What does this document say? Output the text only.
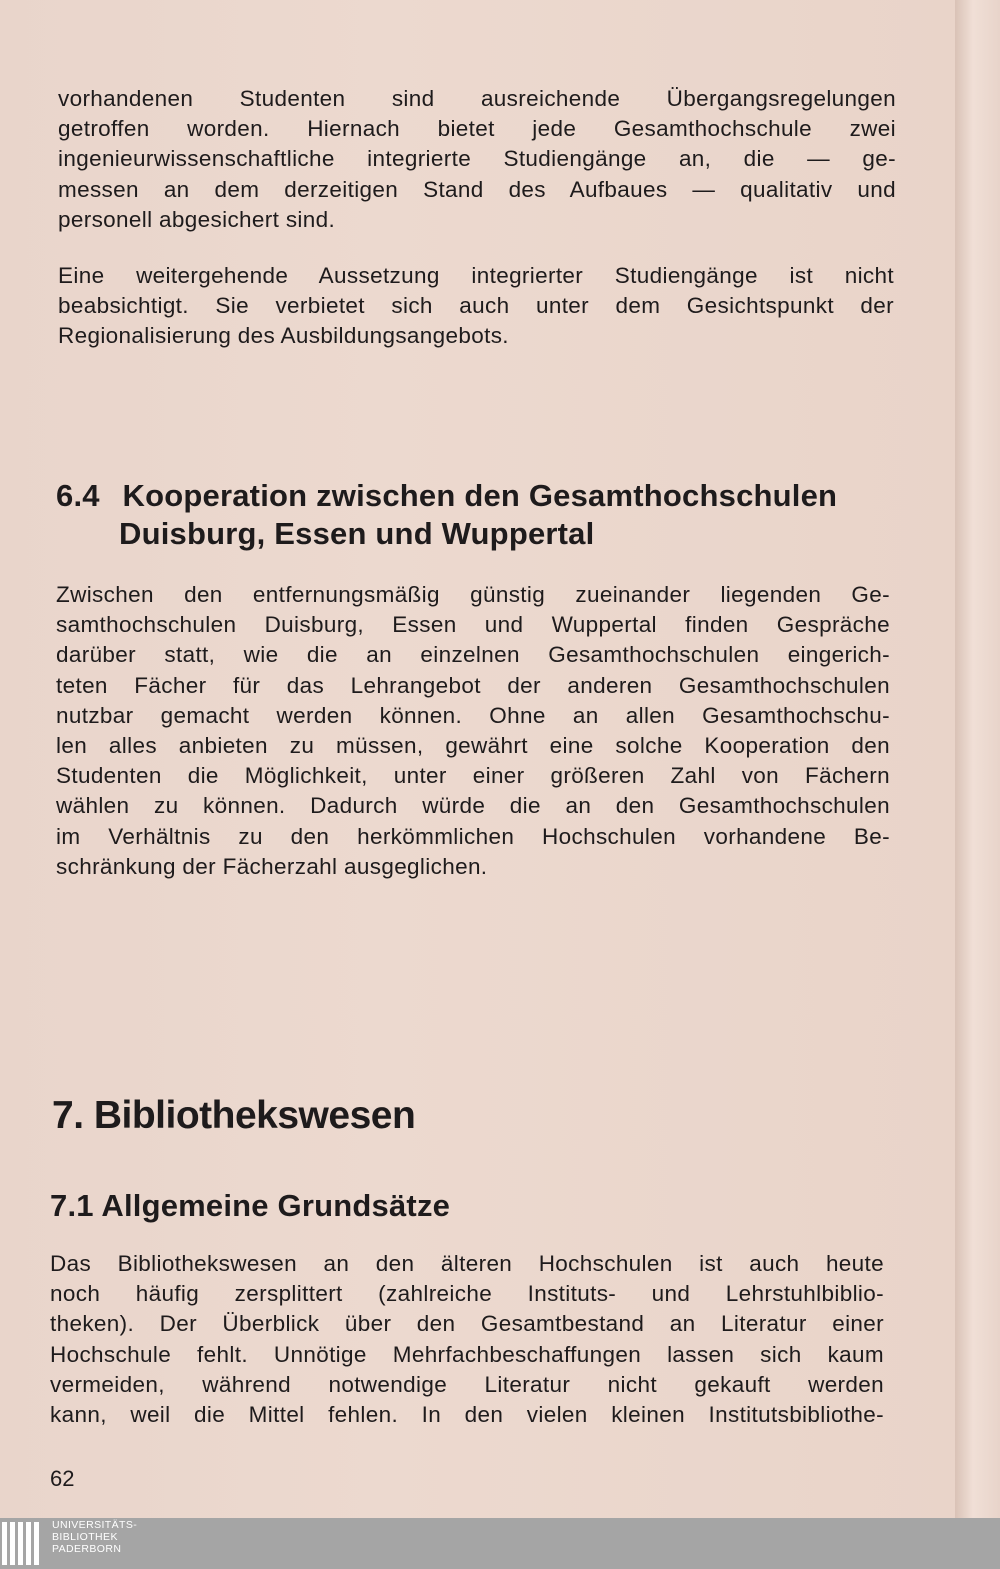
vorhandenen Studenten sind ausreichende Übergangsregelungen
getroffen worden. Hiernach bietet jede Gesamthochschule zwei
ingenieurwissenschaftliche integrierte Studiengänge an, die — ge-
messen an dem derzeitigen Stand des Aufbaues — qualitativ und
personell abgesichert sind.
Eine weitergehende Aussetzung integrierter Studiengänge ist nicht
beabsichtigt. Sie verbietet sich auch unter dem Gesichtspunkt der
Regionalisierung des Ausbildungsangebots.
6.4 Kooperation zwischen den Gesamthochschulen
Duisburg, Essen und Wuppertal
Zwischen den entfernungsmäßig günstig zueinander liegenden Ge-
samthochschulen Duisburg, Essen und Wuppertal finden Gespräche
darüber statt, wie die an einzelnen Gesamthochschulen eingerich-
teten Fächer für das Lehrangebot der anderen Gesamthochschulen
nutzbar gemacht werden können. Ohne an allen Gesamthochschu-
len alles anbieten zu müssen, gewährt eine solche Kooperation den
Studenten die Möglichkeit, unter einer größeren Zahl von Fächern
wählen zu können. Dadurch würde die an den Gesamthochschulen
im Verhältnis zu den herkömmlichen Hochschulen vorhandene Be-
schränkung der Fächerzahl ausgeglichen.
7. Bibliothekswesen
7.1 Allgemeine Grundsätze
Das Bibliothekswesen an den älteren Hochschulen ist auch heute
noch häufig zersplittert (zahlreiche Instituts- und Lehrstuhlbiblio-
theken). Der Überblick über den Gesamtbestand an Literatur einer
Hochschule fehlt. Unnötige Mehrfachbeschaffungen lassen sich kaum
vermeiden, während notwendige Literatur nicht gekauft werden
kann, weil die Mittel fehlen. In den vielen kleinen Institutsbibliothe-
62
UNIVERSITÄTS-
BIBLIOTHEK
PADERBORN
